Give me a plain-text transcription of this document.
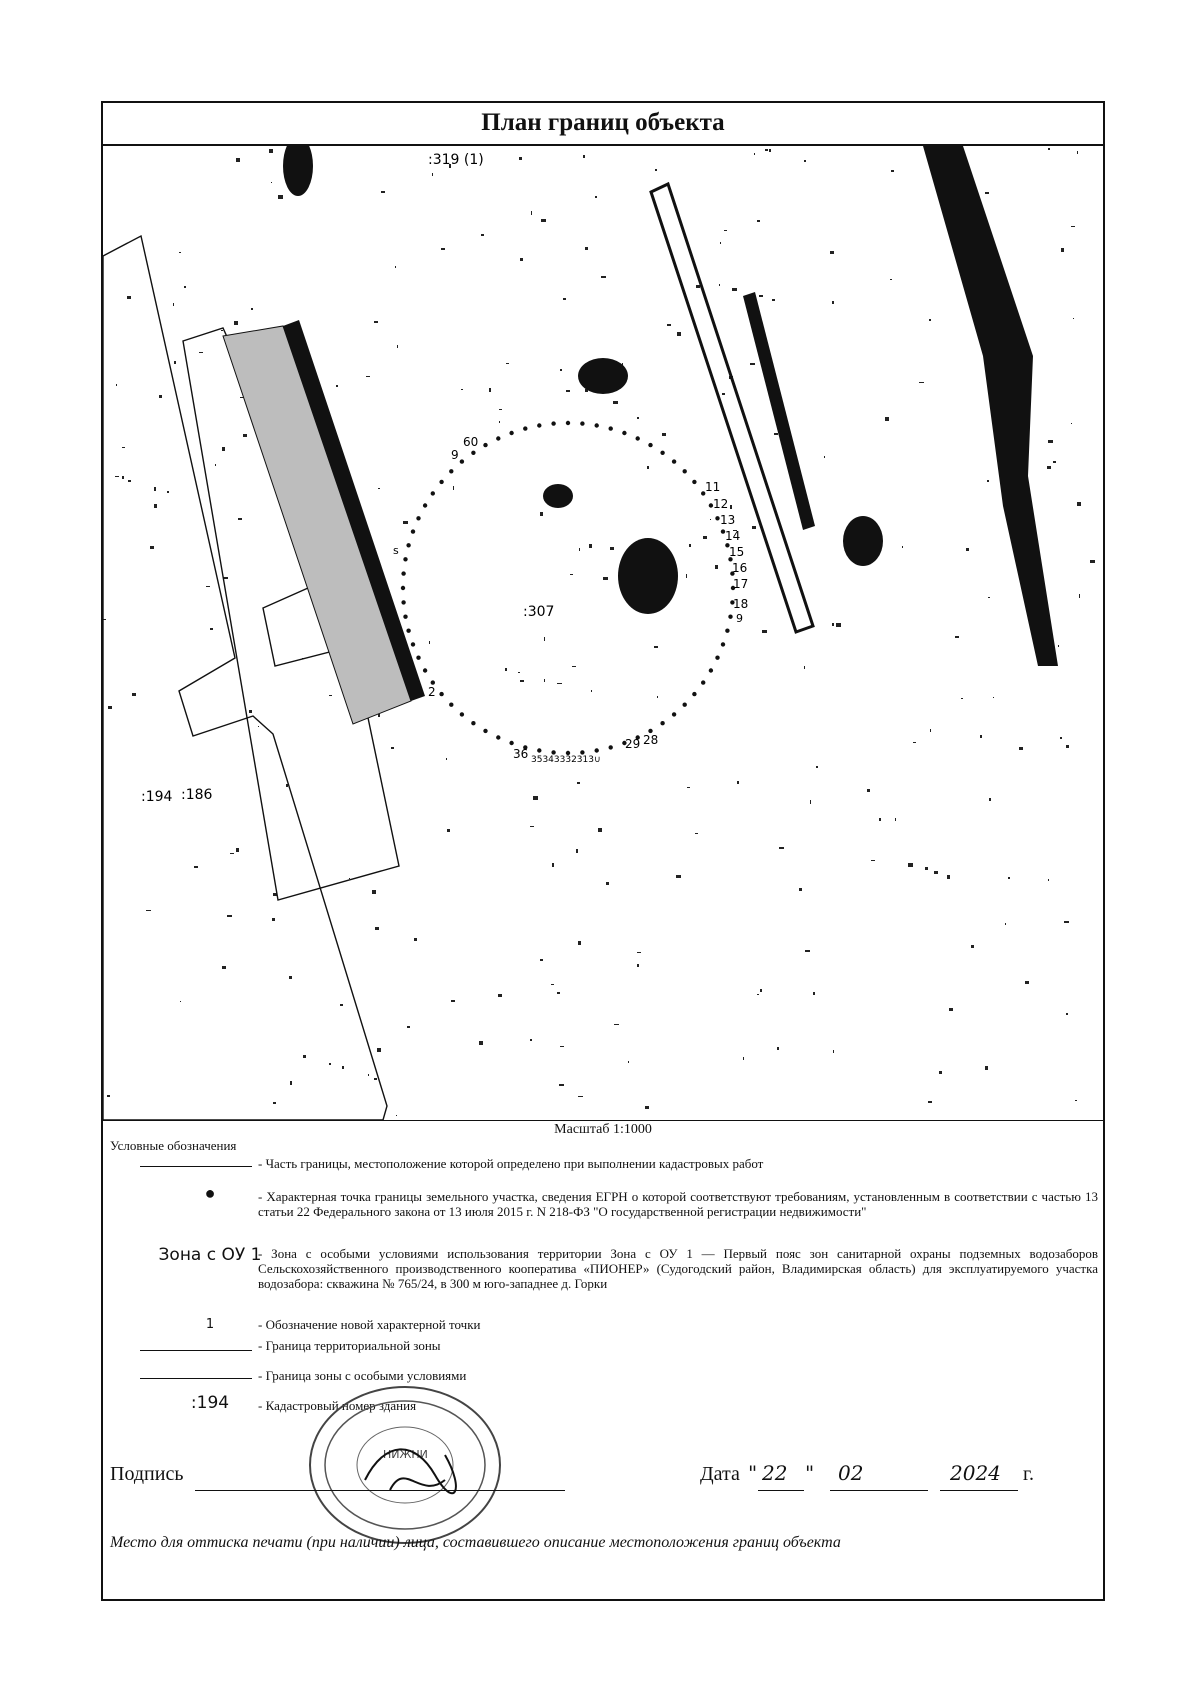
План границ объекта
:319 (1)
:307
:194 :186
60
9
s
2
11
12
13
14
15
16
17
18
9
28
29
36 35343332313∪
Масштаб 1:1000
Условные обозначения
- Часть границы, местоположение которой определено при выполнении кадастровых работ
●	- Характерная точка границы земельного участка, сведения ЕГРН о которой соответствуют требованиям, установленным в соответствии с частью 13 статьи 22 Федерального закона от 13 июля 2015 г. N 218-ФЗ "О государственной регистрации недвижимости"
Зона с ОУ 1
- Зона с особыми условиями использования территории Зона с ОУ 1 — Первый пояс зон санитарной охраны подземных водозаборов Сельскохозяйственного производственного кооператива «ПИОНЕР» (Судогодский район, Владимирская область) для эксплуатируемого участка водозабора: скважина № 765/24, в 300 м юго-западнее д. Горки
1	- Обозначение новой характерной точки
- Граница территориальной зоны
- Граница зоны с особыми условиями
:194	- Кадастровый номер здания
НИЖНИ
Подпись	Дата " 22 " 02	2024 г.
Место для оттиска печати (при наличии) лица, составившего описание местоположения границ объекта
